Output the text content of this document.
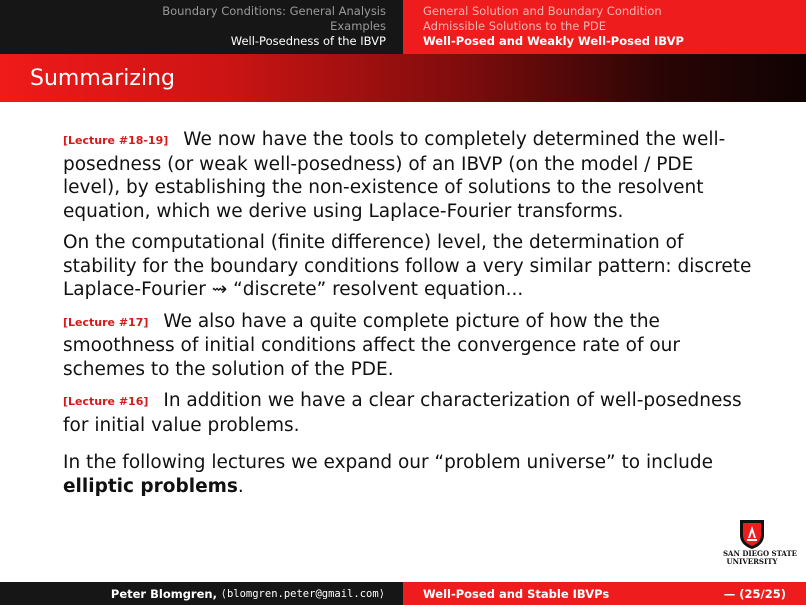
Boundary Conditions: General Analysis
Examples
Well-Posedness of the IBVP
General Solution and Boundary Condition
Admissible Solutions to the PDE
Well-Posed and Weakly Well-Posed IBVP
Summarizing

[Lecture #18-19] We now have the tools to completely determined the well-posedness (or weak well-posedness) of an IBVP (on the model / PDE level), by establishing the non-existence of solutions to the resolvent equation, which we derive using Laplace-Fourier transforms.

On the computational (finite difference) level, the determination of stability for the boundary conditions follow a very similar pattern: discrete Laplace-Fourier ⇝ “discrete” resolvent equation...

[Lecture #17] We also have a quite complete picture of how the the smoothness of initial conditions affect the convergence rate of our schemes to the solution of the PDE.

[Lecture #16] In addition we have a clear characterization of well-posedness for initial value problems.

In the following lectures we expand our “problem universe” to include elliptic problems.

SAN DIEGO STATE
UNIVERSITY
Peter Blomgren,
⟨blomgren.peter@gmail.com⟩	Well-Posed and Stable IBVPs	— (25/25)
